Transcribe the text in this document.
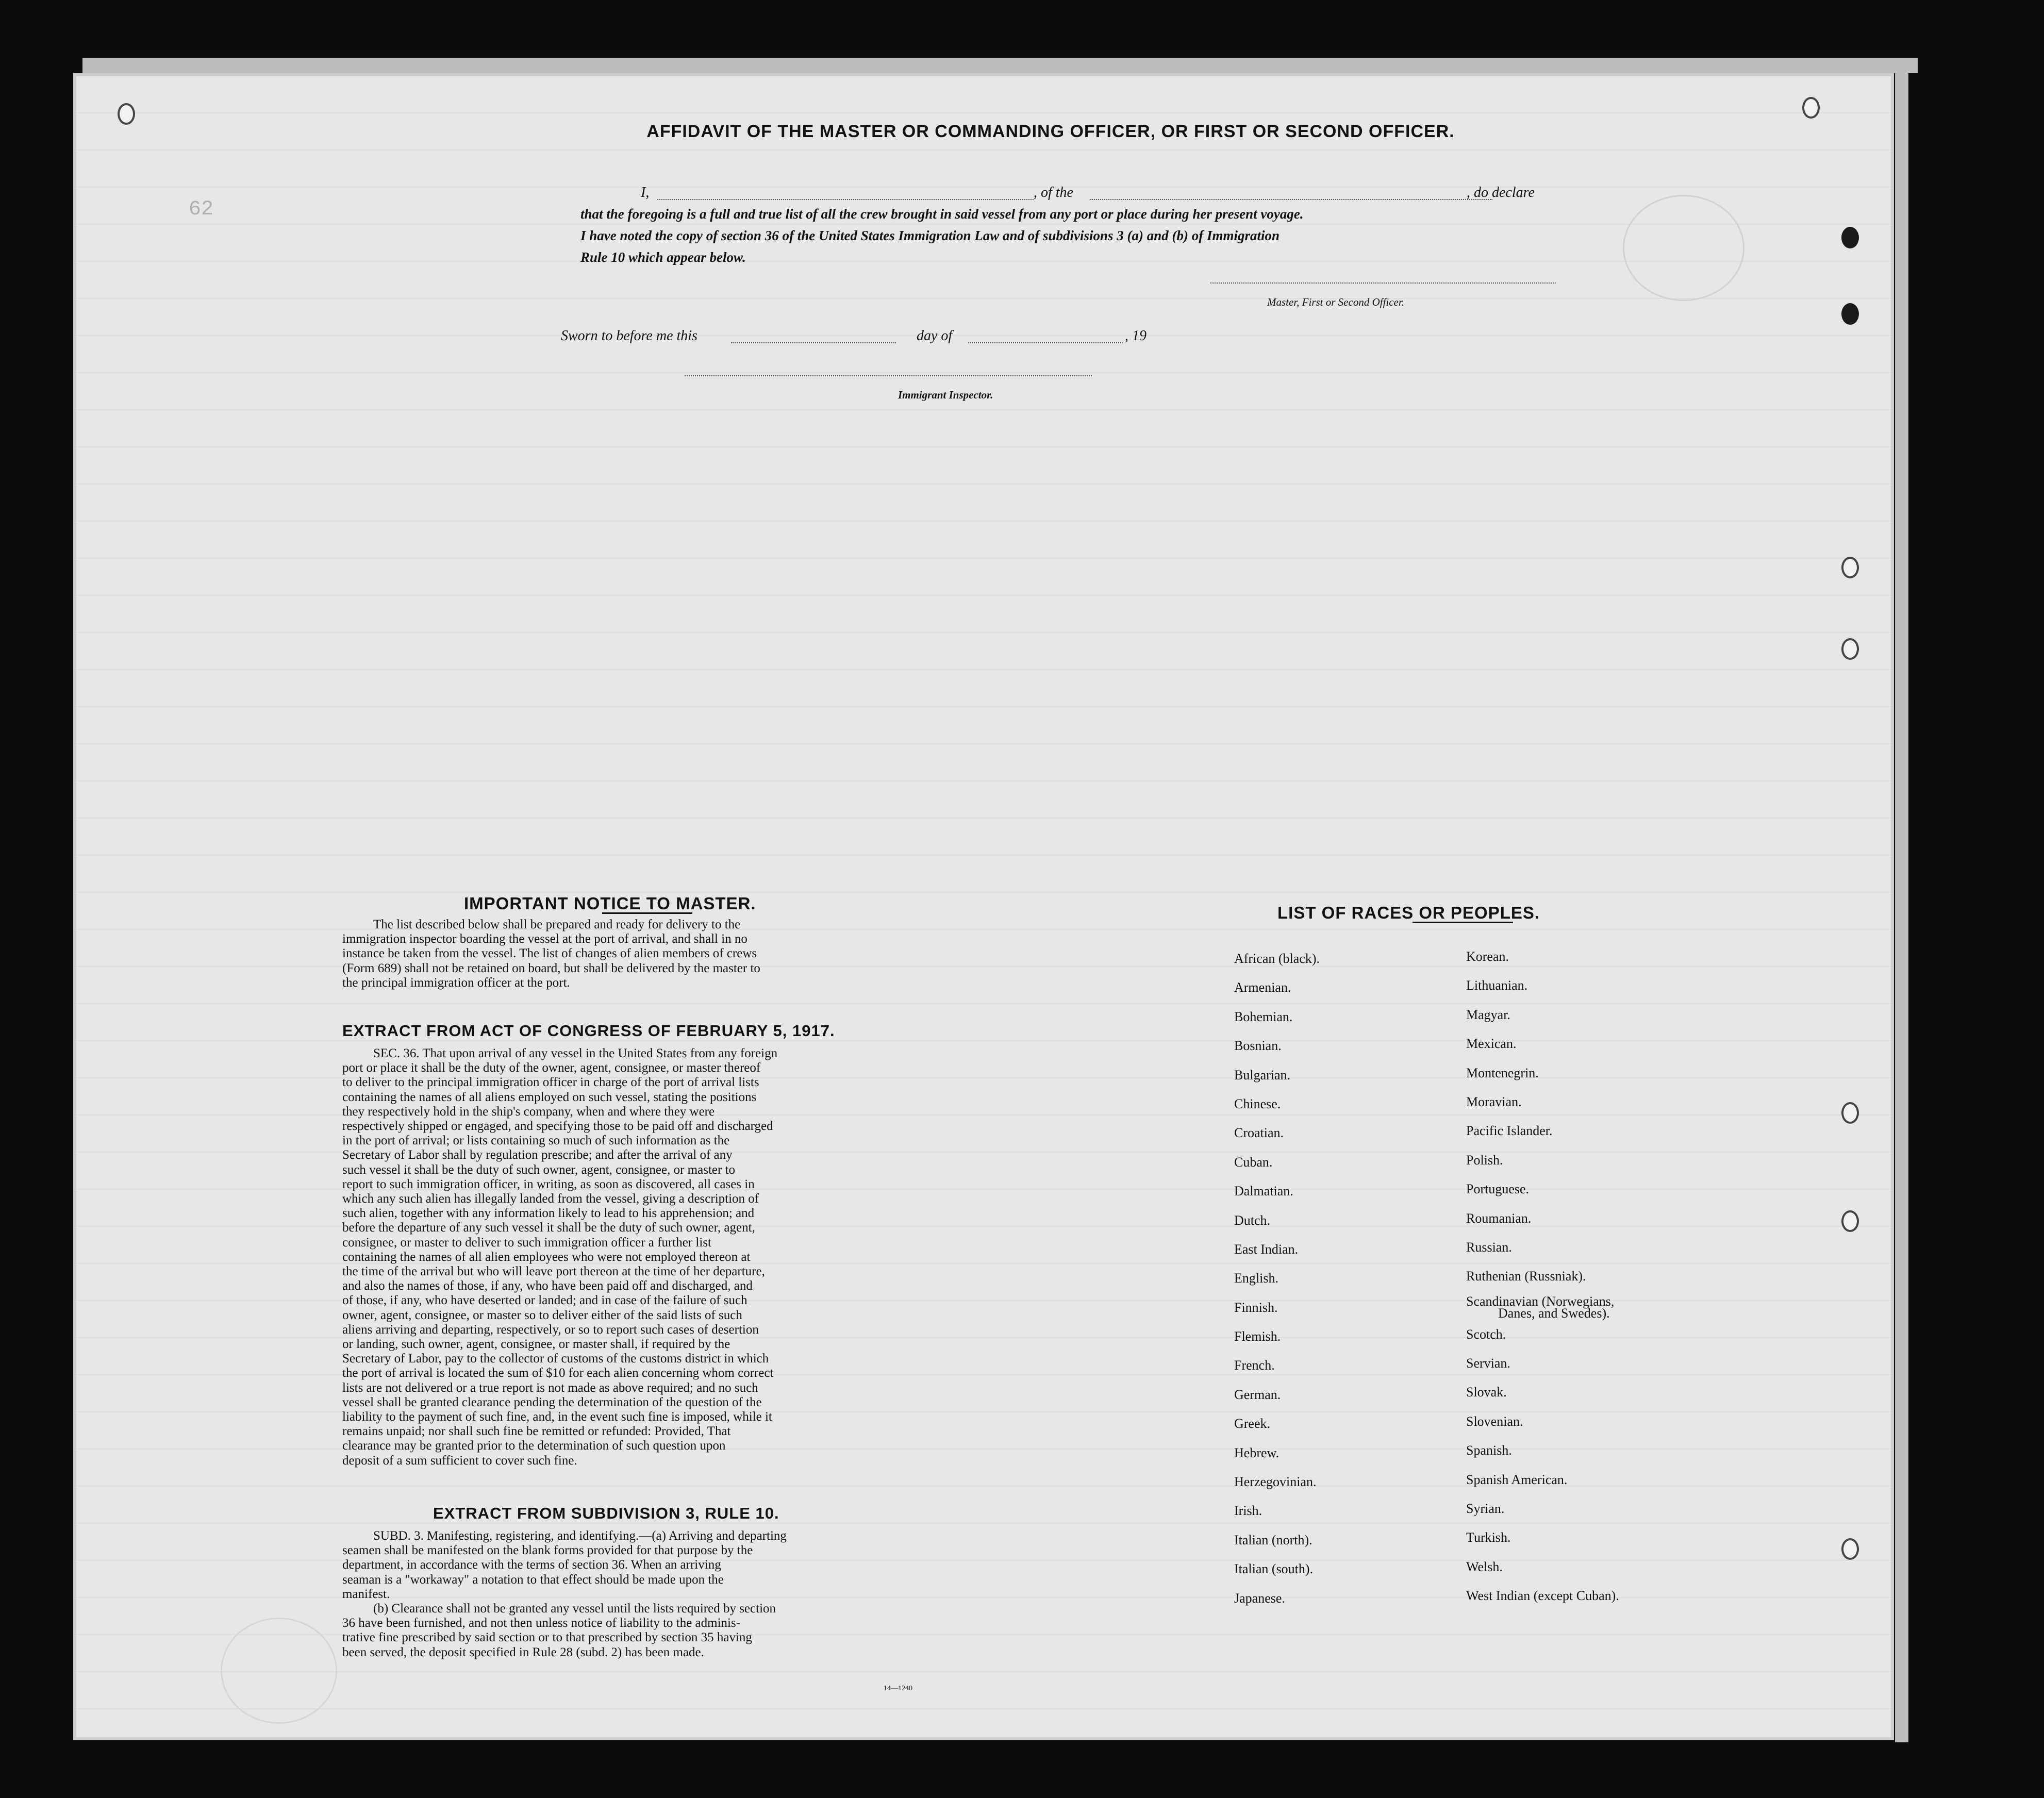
62
AFFIDAVIT OF THE MASTER OR COMMANDING OFFICER, OR FIRST OR SECOND OFFICER.
I,	, of the	, do declare
that the foregoing is a full and true list of all the crew brought in said vessel from any port or place during her present voyage.
I have noted the copy of section 36 of the United States Immigration Law and of subdivisions 3 (a) and (b) of Immigration
Rule 10 which appear below.
Master, First or Second Officer.
Sworn to before me this	day of	, 19
Immigrant Inspector.
IMPORTANT NOTICE TO MASTER.
The list described below shall be prepared and ready for delivery to the
immigration inspector boarding the vessel at the port of arrival, and shall in no
instance be taken from the vessel. The list of changes of alien members of crews
(Form 689) shall not be retained on board, but shall be delivered by the master to
the principal immigration officer at the port.
EXTRACT FROM ACT OF CONGRESS OF FEBRUARY 5, 1917.
SEC. 36. That upon arrival of any vessel in the United States from any foreign
port or place it shall be the duty of the owner, agent, consignee, or master thereof
to deliver to the principal immigration officer in charge of the port of arrival lists
containing the names of all aliens employed on such vessel, stating the positions
they respectively hold in the ship's company, when and where they were
respectively shipped or engaged, and specifying those to be paid off and discharged
in the port of arrival; or lists containing so much of such information as the
Secretary of Labor shall by regulation prescribe; and after the arrival of any
such vessel it shall be the duty of such owner, agent, consignee, or master to
report to such immigration officer, in writing, as soon as discovered, all cases in
which any such alien has illegally landed from the vessel, giving a description of
such alien, together with any information likely to lead to his apprehension; and
before the departure of any such vessel it shall be the duty of such owner, agent,
consignee, or master to deliver to such immigration officer a further list
containing the names of all alien employees who were not employed thereon at
the time of the arrival but who will leave port thereon at the time of her departure,
and also the names of those, if any, who have been paid off and discharged, and
of those, if any, who have deserted or landed; and in case of the failure of such
owner, agent, consignee, or master so to deliver either of the said lists of such
aliens arriving and departing, respectively, or so to report such cases of desertion
or landing, such owner, agent, consignee, or master shall, if required by the
Secretary of Labor, pay to the collector of customs of the customs district in which
the port of arrival is located the sum of $10 for each alien concerning whom correct
lists are not delivered or a true report is not made as above required; and no such
vessel shall be granted clearance pending the determination of the question of the
liability to the payment of such fine, and, in the event such fine is imposed, while it
remains unpaid; nor shall such fine be remitted or refunded: Provided, That
clearance may be granted prior to the determination of such question upon
deposit of a sum sufficient to cover such fine.
EXTRACT FROM SUBDIVISION 3, RULE 10.
SUBD. 3. Manifesting, registering, and identifying.—(a) Arriving and departing
seamen shall be manifested on the blank forms provided for that purpose by the
department, in accordance with the terms of section 36. When an arriving
seaman is a "workaway" a notation to that effect should be made upon the
manifest.
(b) Clearance shall not be granted any vessel until the lists required by section
36 have been furnished, and not then unless notice of liability to the adminis-
trative fine prescribed by said section or to that prescribed by section 35 having
been served, the deposit specified in Rule 28 (subd. 2) has been made.
14—1240
LIST OF RACES OR PEOPLES.
African (black).
Armenian.
Bohemian.
Bosnian.
Bulgarian.
Chinese.
Croatian.
Cuban.
Dalmatian.
Dutch.
East Indian.
English.
Finnish.
Flemish.
French.
German.
Greek.
Hebrew.
Herzegovinian.
Irish.
Italian (north).
Italian (south).
Japanese.
Korean.
Lithuanian.
Magyar.
Mexican.
Montenegrin.
Moravian.
Pacific Islander.
Polish.
Portuguese.
Roumanian.
Russian.
Ruthenian (Russniak).
Scandinavian (Norwegians,
Danes, and Swedes).
Scotch.
Servian.
Slovak.
Slovenian.
Spanish.
Spanish American.
Syrian.
Turkish.
Welsh.
West Indian (except Cuban).
